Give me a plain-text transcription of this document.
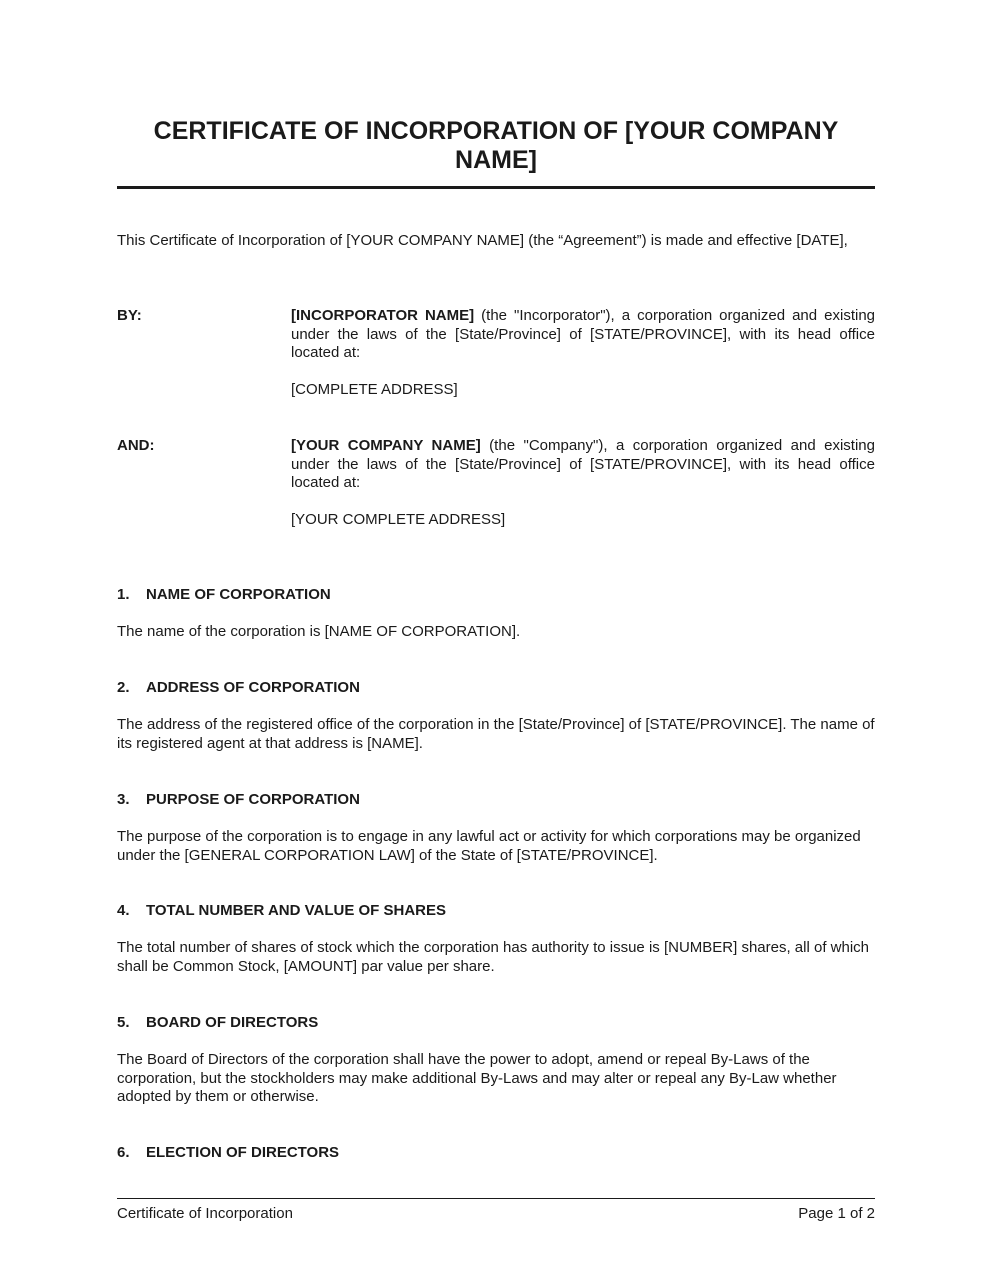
CERTIFICATE OF INCORPORATION OF [YOUR COMPANY NAME]

This Certificate of Incorporation of [YOUR COMPANY NAME] (the “Agreement”) is made and effective [DATE],

BY:	[INCORPORATOR NAME] (the "Incorporator"), a corporation organized and existing under the laws of the [State/Province] of [STATE/PROVINCE], with its head office located at:

[COMPLETE ADDRESS]
AND:	[YOUR COMPANY NAME] (the "Company"), a corporation organized and existing under the laws of the [State/Province] of [STATE/PROVINCE], with its head office located at:

[YOUR COMPLETE ADDRESS]
1.	NAME OF CORPORATION

The name of the corporation is [NAME OF CORPORATION].

2.	ADDRESS OF CORPORATION

The address of the registered office of the corporation in the [State/Province] of [STATE/PROVINCE]. The name of its registered agent at that address is [NAME].

3.	PURPOSE OF CORPORATION

The purpose of the corporation is to engage in any lawful act or activity for which corporations may be organized under the [GENERAL CORPORATION LAW] of the State of [STATE/PROVINCE].

4.	TOTAL NUMBER AND VALUE OF SHARES

The total number of shares of stock which the corporation has authority to issue is [NUMBER] shares, all of which shall be Common Stock, [AMOUNT] par value per share.

5.	BOARD OF DIRECTORS

The Board of Directors of the corporation shall have the power to adopt, amend or repeal By-Laws of the corporation, but the stockholders may make additional By-Laws and may alter or repeal any By-Law whether adopted by them or otherwise.

6.	ELECTION OF DIRECTORS
Certificate of Incorporation	Page 1 of 2
